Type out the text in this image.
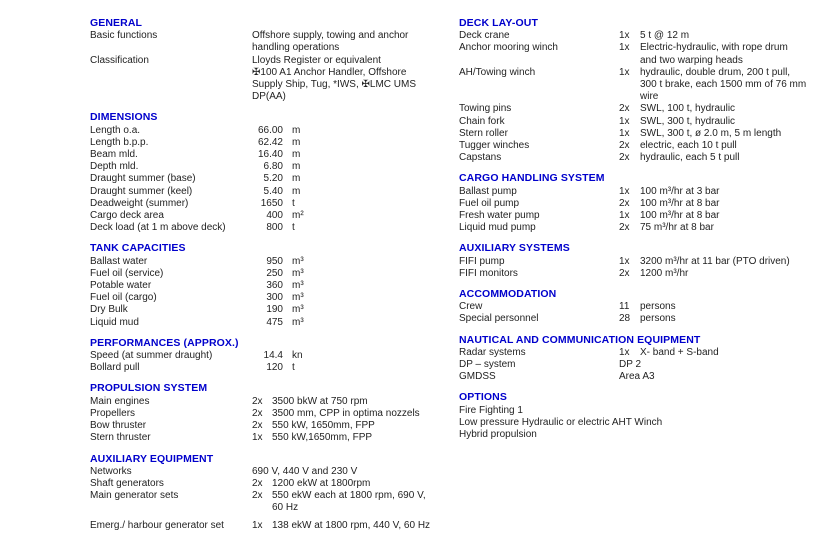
GENERAL
Basic functions	Offshore supply, towing and anchor
handling operations
Classification	Lloyds Register or equivalent
✠100 A1 Anchor Handler, Offshore
Supply Ship, Tug, *IWS, ✠LMC UMS
DP(AA)
DIMENSIONS
Length o.a.	66.00 m
Length b.p.p.	62.42 m
Beam mld.	16.40 m
Depth mld.	6.80 m
Draught summer (base)	5.20 m
Draught summer (keel)	5.40 m
Deadweight (summer)	1650 t
Cargo deck area	400 m²
Deck load (at 1 m above deck)	800 t
TANK CAPACITIES
Ballast water	950 m³
Fuel oil (service)	250 m³
Potable water	360 m³
Fuel oil (cargo)	300 m³
Dry Bulk	190 m³
Liquid mud	475 m³
PERFORMANCES (APPROX.)
Speed (at summer draught)	14.4 kn
Bollard pull	120 t
PROPULSION SYSTEM
Main engines	2x 3500 bkW at 750 rpm
Propellers	2x 3500 mm, CPP in optima nozzels
Bow thruster	2x 550 kW, 1650mm, FPP
Stern thruster	1x 550 kW,1650mm, FPP
AUXILIARY EQUIPMENT
Networks	690 V, 440 V and 230 V
Shaft generators	2x 1200 ekW at 1800rpm
Main generator sets	2x 550 ekW each at 1800 rpm, 690 V,
60 Hz
Emerg./ harbour generator set	1x 138 ekW at 1800 rpm, 440 V, 60 Hz
DECK LAY-OUT
Deck crane	1x	5 t @ 12 m
Anchor mooring winch	1x	Electric-hydraulic, with rope drum
and two warping heads
AH/Towing winch	1x	hydraulic, double drum, 200 t pull,
300 t brake, each 1500 mm of 76 mm
wire
Towing pins	2x	SWL, 100 t, hydraulic
Chain fork	1x	SWL, 300 t, hydraulic
Stern roller	1x	SWL, 300 t, ø 2.0 m, 5 m length
Tugger winches	2x	electric, each 10 t pull
Capstans	2x	hydraulic, each 5 t pull
CARGO HANDLING SYSTEM
Ballast pump	1x	100 m³/hr at 3 bar
Fuel oil pump	2x	100 m³/hr at 8 bar
Fresh water pump	1x	100 m³/hr at 8 bar
Liquid mud pump	2x	75 m³/hr at 8 bar
AUXILIARY SYSTEMS
FIFI pump	1x	3200 m³/hr at 11 bar (PTO driven)
FIFI monitors	2x	1200 m³/hr
ACCOMMODATION
Crew	11	persons
Special personnel	28 persons
NAUTICAL AND COMMUNICATION EQUIPMENT
Radar systems	1x	X- band + S-band
DP – system	DP 2
GMDSS	Area A3
OPTIONS
Fire Fighting 1
Low pressure Hydraulic or electric AHT Winch
Hybrid propulsion
